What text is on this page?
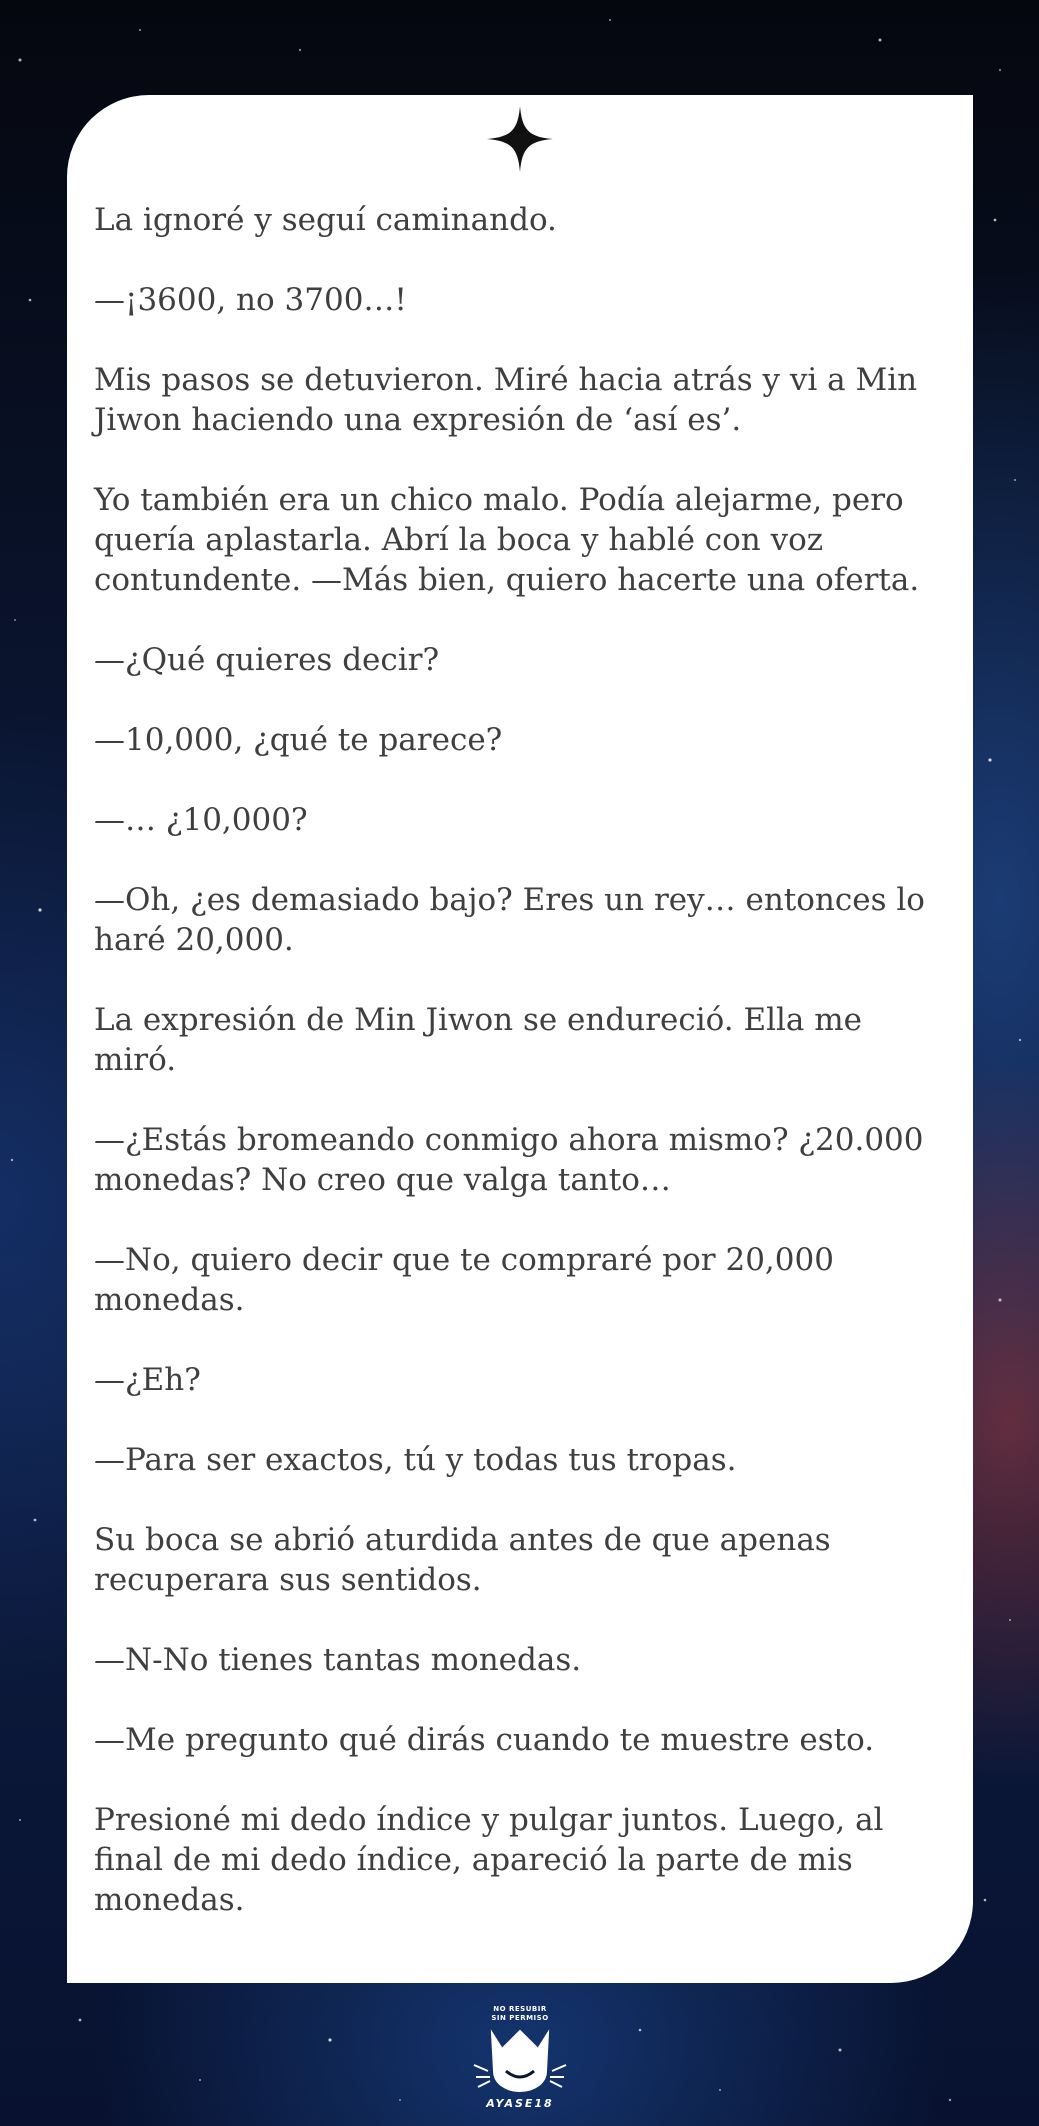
La ignoré y seguí caminando.

—¡3600, no 3700…!

Mis pasos se detuvieron. Miré hacia atrás y vi a Min Jiwon haciendo una expresión de ‘así es’.

Yo también era un chico malo. Podía alejarme, pero quería aplastarla. Abrí la boca y hablé con voz contundente. —Más bien, quiero hacerte una oferta.

—¿Qué quieres decir?

—10,000, ¿qué te parece?

—… ¿10,000?

—Oh, ¿es demasiado bajo? Eres un rey… entonces lo haré 20,000.

La expresión de Min Jiwon se endureció. Ella me miró.

—¿Estás bromeando conmigo ahora mismo? ¿20.000 monedas? No creo que valga tanto…

—No, quiero decir que te compraré por 20,000 monedas.

—¿Eh?

—Para ser exactos, tú y todas tus tropas.

Su boca se abrió aturdida antes de que apenas recuperara sus sentidos.

—N-No tienes tantas monedas.

—Me pregunto qué dirás cuando te muestre esto.

Presioné mi dedo índice y pulgar juntos. Luego, al final de mi dedo índice, apareció la parte de mis monedas.

NO RESUBIR
SIN PERMISO
AYASE18
